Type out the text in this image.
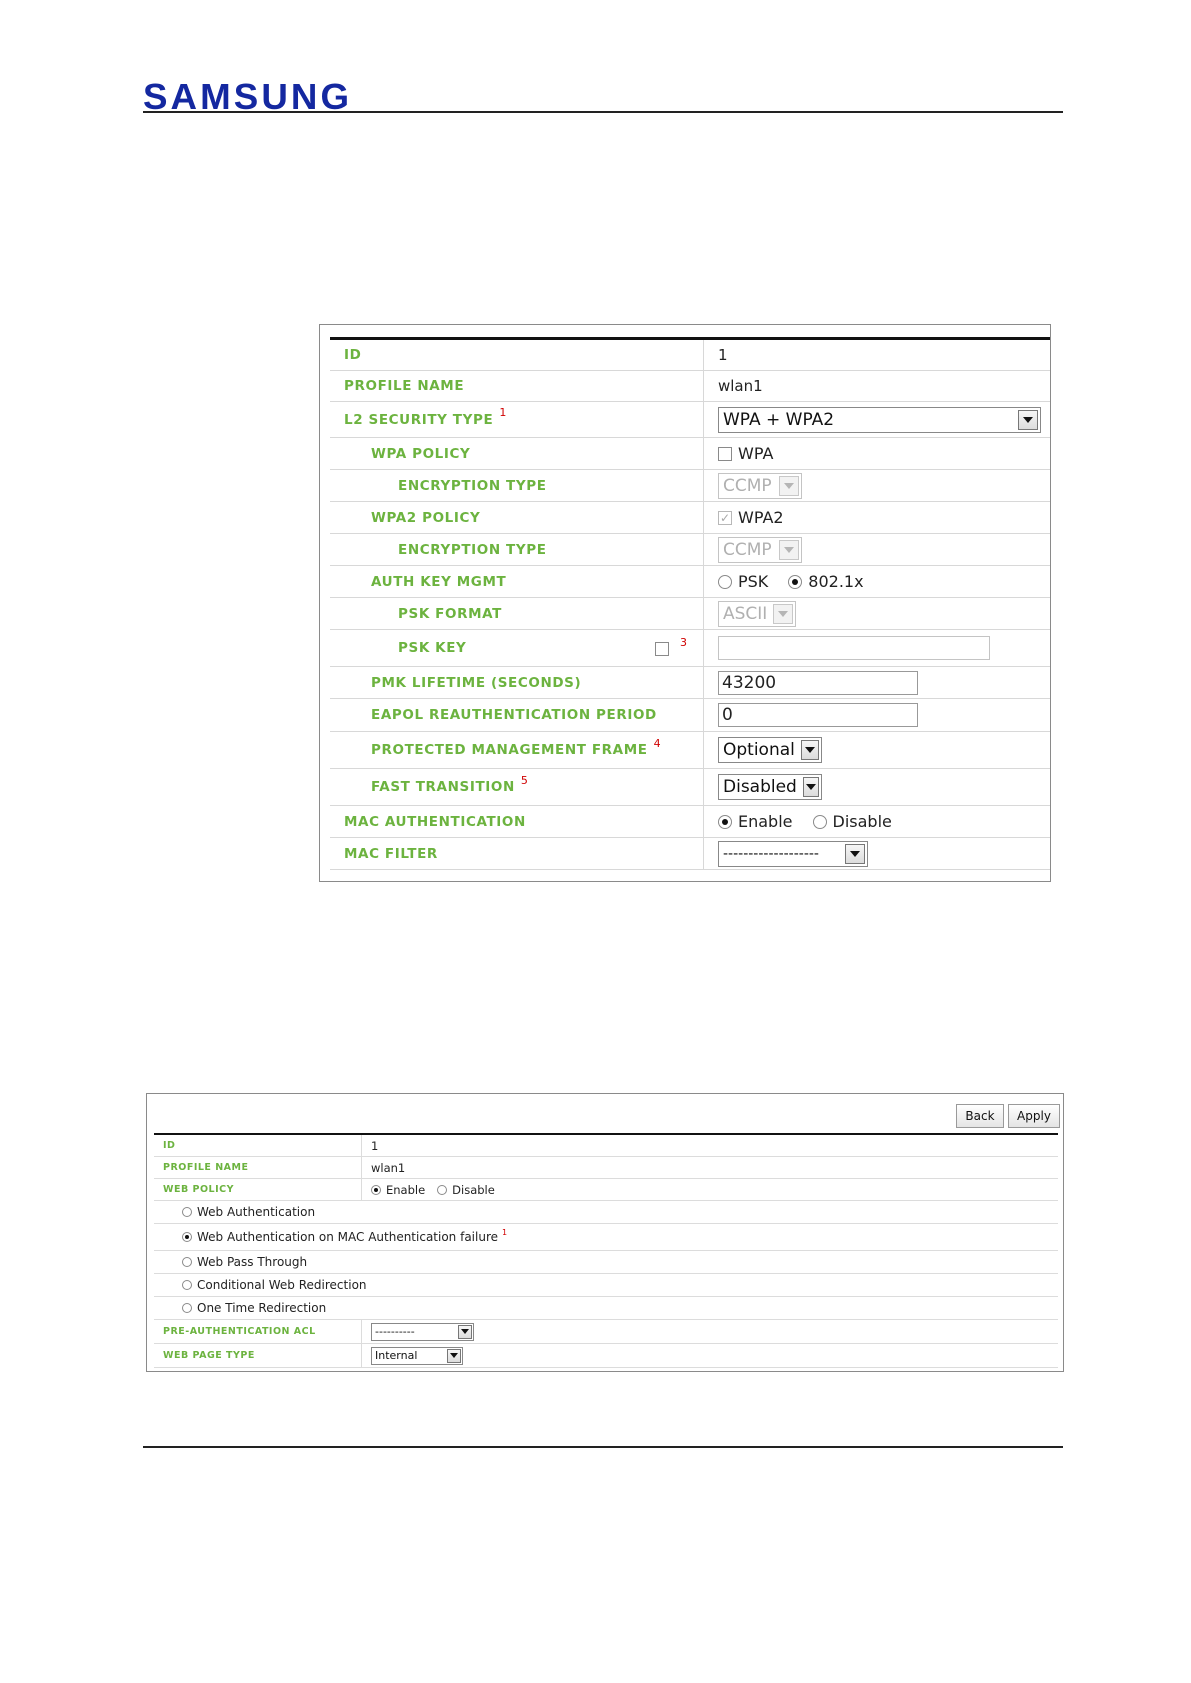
SAMSUNG
ID	1
PROFILE NAME	wlan1
L2 SECURITY TYPE 1	WPA + WPA2
WPA POLICY	WPA
ENCRYPTION TYPE	CCMP
WPA2 POLICY	✓ WPA2
ENCRYPTION TYPE	CCMP
AUTH KEY MGMT	PSK	802.1x
PSK FORMAT	ASCII
PSK KEY	3
PMK LIFETIME (SECONDS)	43200
EAPOL REAUTHENTICATION PERIOD	0
PROTECTED MANAGEMENT FRAME 4	Optional
FAST TRANSITION 5	Disabled
MAC AUTHENTICATION	Enable	Disable
MAC FILTER	-------------------
Back	Apply
ID	1
PROFILE NAME	wlan1
WEB POLICY	Enable Disable
Web Authentication
Web Authentication on MAC Authentication failure 1
Web Pass Through
Conditional Web Redirection
One Time Redirection
PRE-AUTHENTICATION ACL	----------
WEB PAGE TYPE	Internal
